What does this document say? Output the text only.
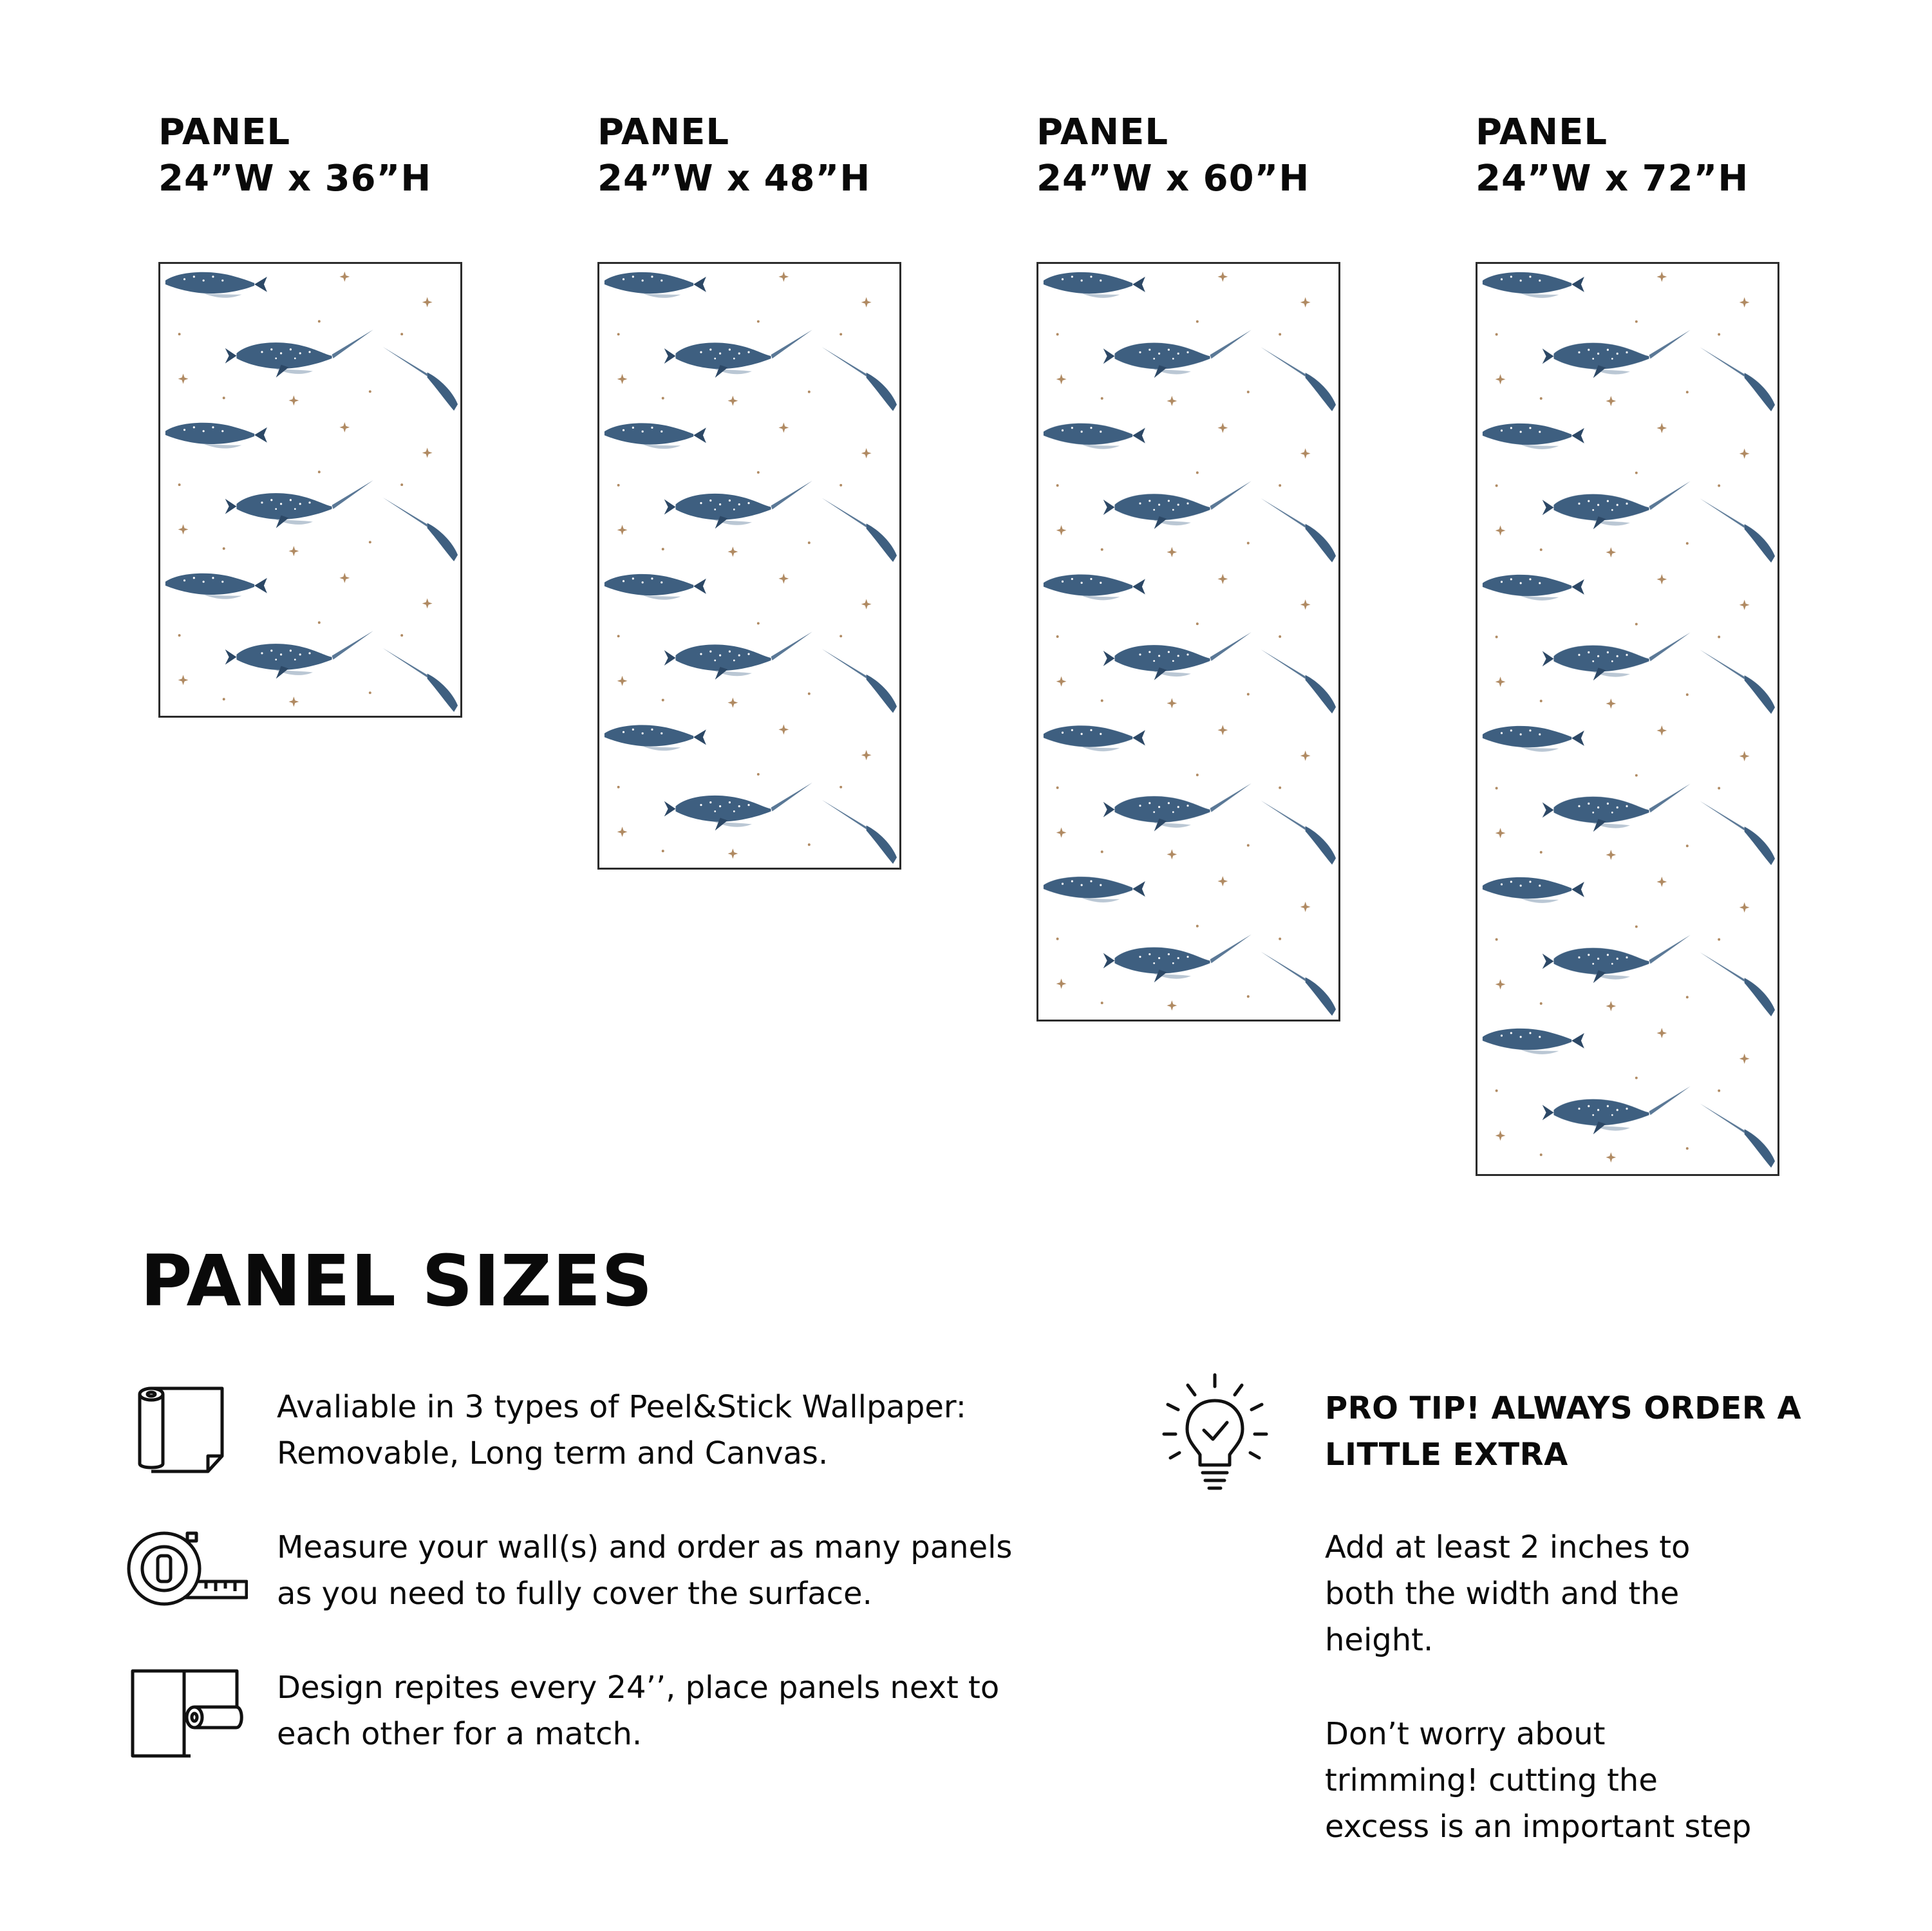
PANEL
24”W x 36”H
PANEL
24”W x 48”H
PANEL
24”W x 60”H
PANEL
24”W x 72”H
PANEL SIZES
Avaliable in 3 types of Peel&Stick Wallpaper:
Removable, Long term and Canvas.
Measure your wall(s) and order as many panels
as you need to fully cover the surface.
Design repites every 24’’, place panels next to
each other for a match.
PRO TIP! ALWAYS ORDER A
LITTLE EXTRA
Add at least 2 inches to
both the width and the
height.
Don’t worry about
trimming! cutting the
excess is an important step
